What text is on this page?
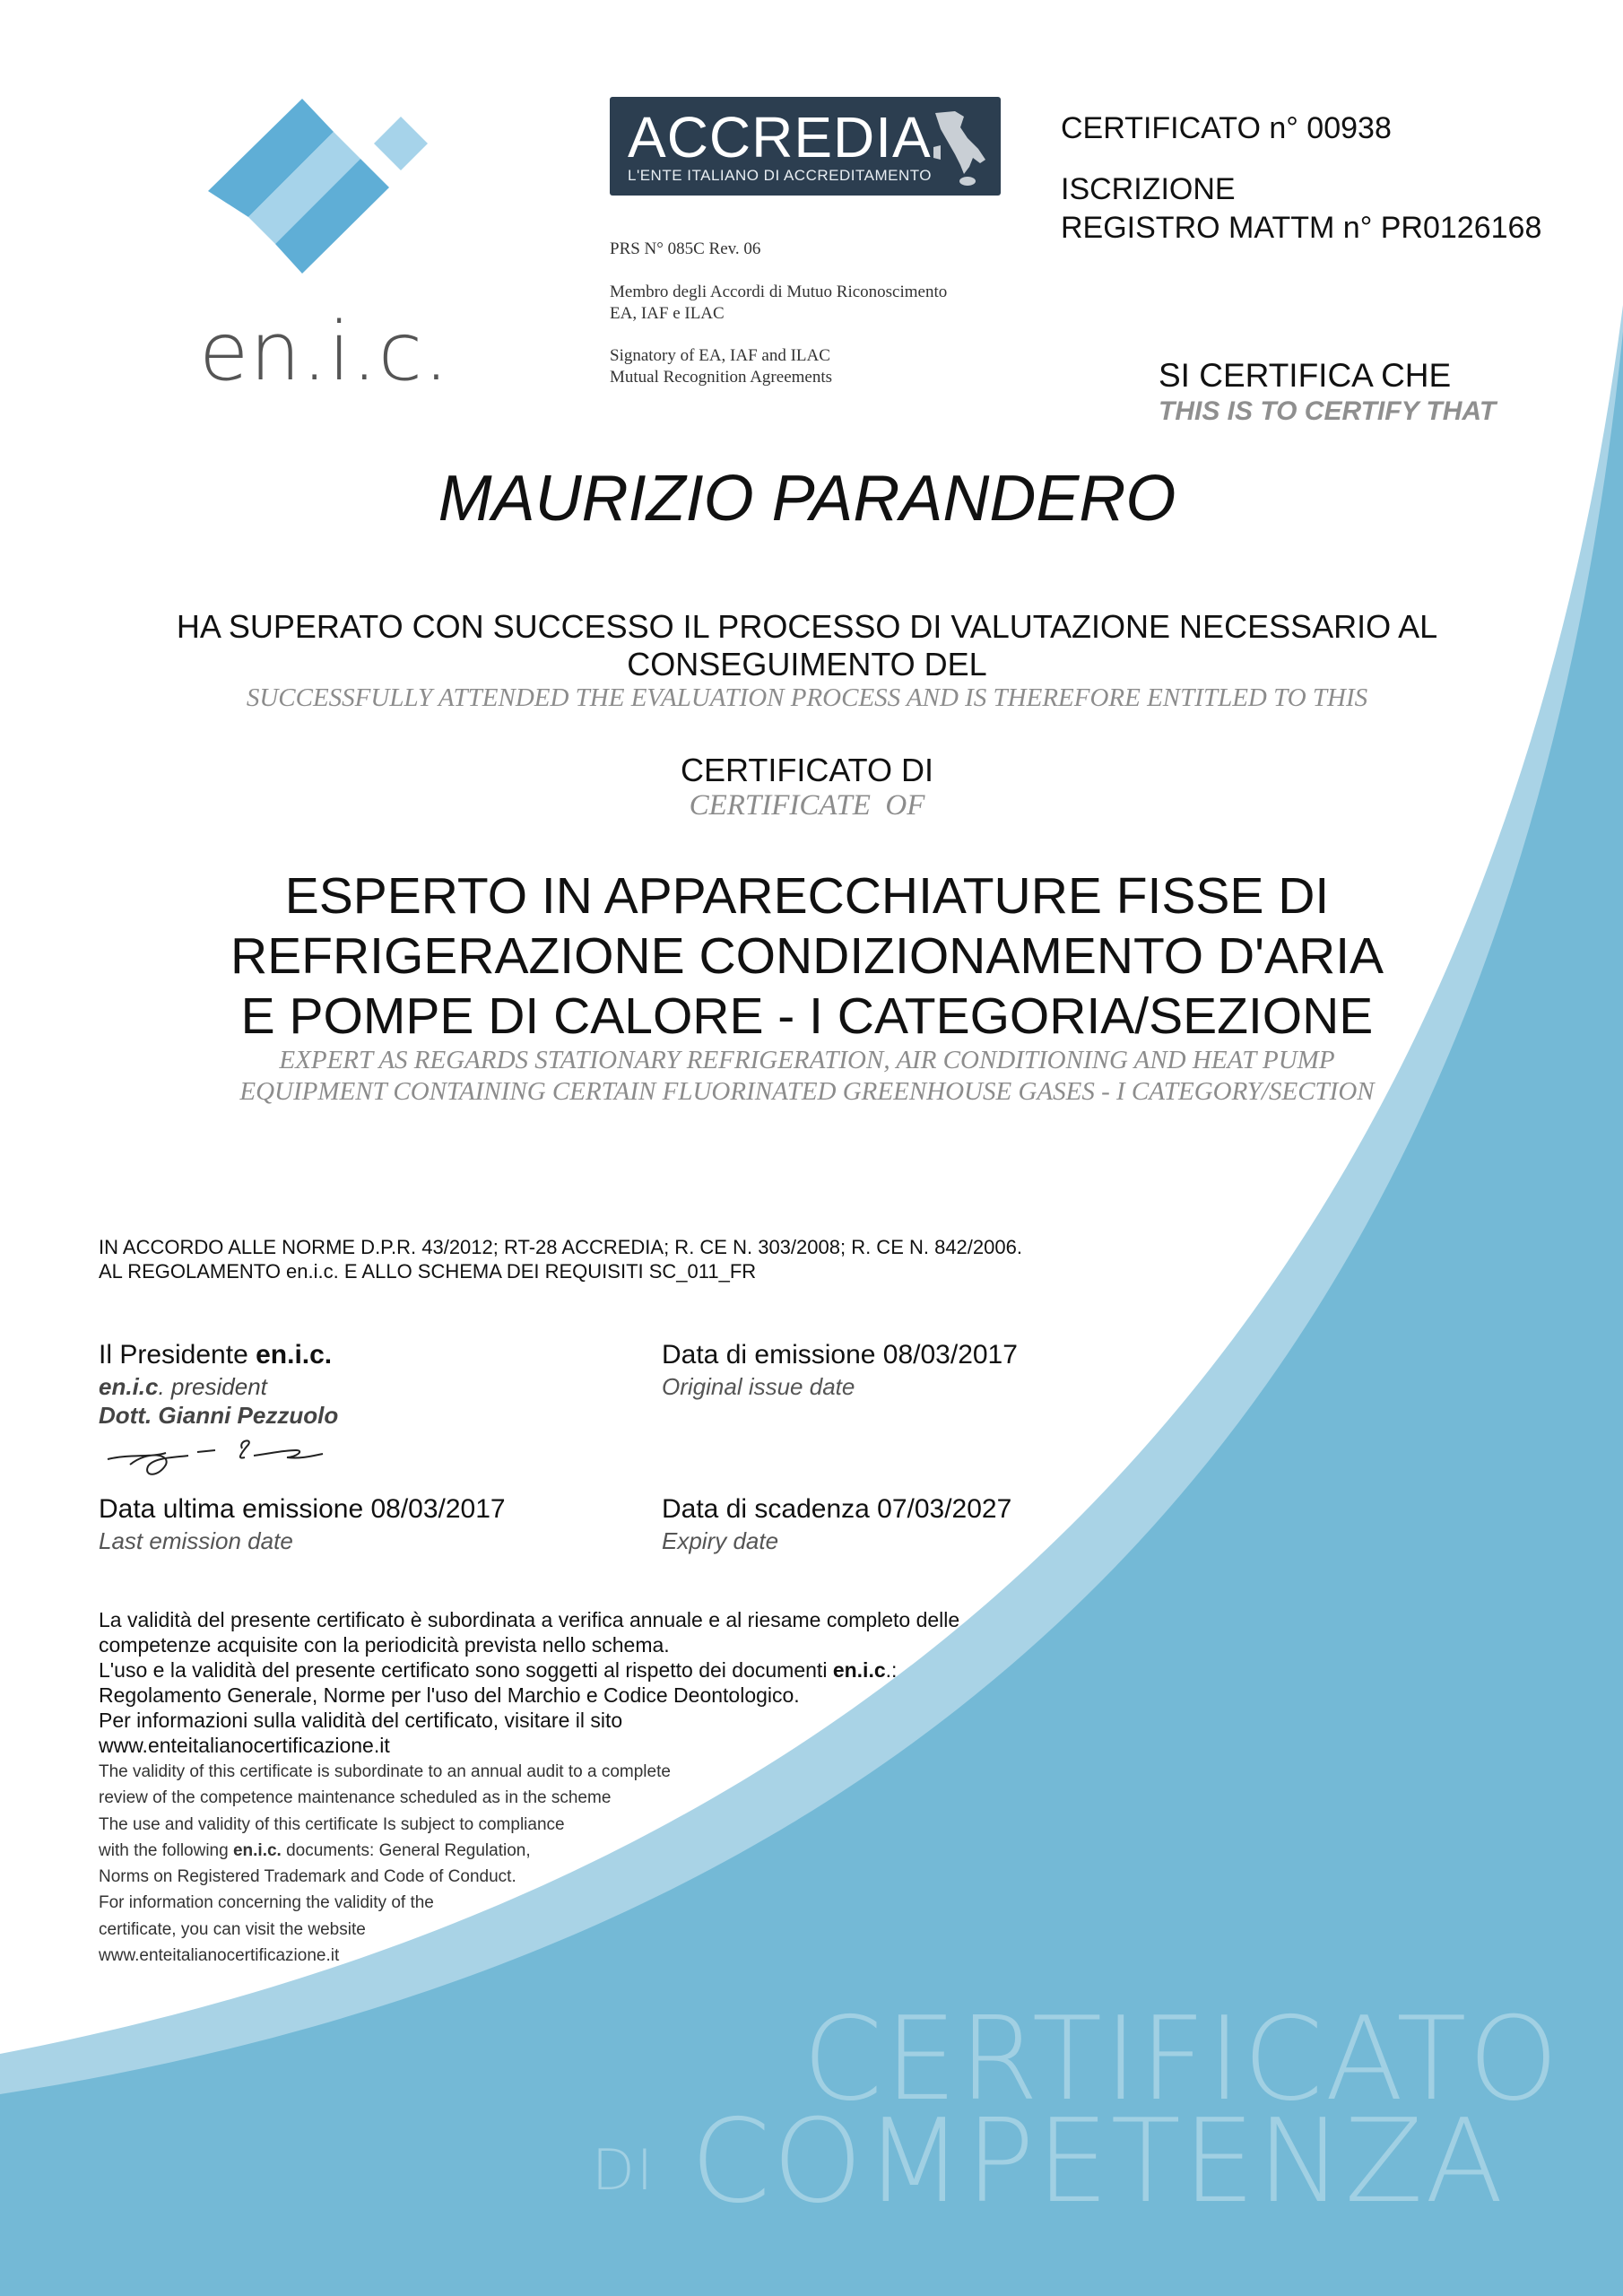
en.i.c.
ACCREDIA
L'ENTE ITALIANO DI ACCREDITAMENTO
PRS N° 085C Rev. 06
Membro degli Accordi di Mutuo Riconoscimento
EA, IAF e ILAC
Signatory of EA, IAF and ILAC
Mutual Recognition Agreements
CERTIFICATO n° 00938
ISCRIZIONE
REGISTRO MATTM n° PR0126168
SI CERTIFICA CHE
THIS IS TO CERTIFY THAT
MAURIZIO PARANDERO
HA SUPERATO CON SUCCESSO IL PROCESSO DI VALUTAZIONE NECESSARIO AL
CONSEGUIMENTO DEL
SUCCESSFULLY ATTENDED THE EVALUATION PROCESS AND IS THEREFORE ENTITLED TO THIS
CERTIFICATO DI
CERTIFICATE  OF
ESPERTO IN APPARECCHIATURE FISSE DI
REFRIGERAZIONE CONDIZIONAMENTO D'ARIA
E POMPE DI CALORE - I CATEGORIA/SEZIONE
EXPERT AS REGARDS STATIONARY REFRIGERATION, AIR CONDITIONING AND HEAT PUMP
EQUIPMENT CONTAINING CERTAIN FLUORINATED GREENHOUSE GASES - I CATEGORY/SECTION
IN ACCORDO ALLE NORME D.P.R. 43/2012; RT-28 ACCREDIA; R. CE N. 303/2008; R. CE N. 842/2006.
AL REGOLAMENTO en.i.c. E ALLO SCHEMA DEI REQUISITI SC_011_FR
Il Presidente en.i.c.
en.i.c. president
Dott. Gianni Pezzuolo
Data di emissione 08/03/2017
Original issue date
Data ultima emissione 08/03/2017
Last emission date
Data di scadenza 07/03/2027
Expiry date
La validità del presente certificato è subordinata a verifica annuale e al riesame completo delle
competenze acquisite con la periodicità prevista nello schema.
L'uso e la validità del presente certificato sono soggetti al rispetto dei documenti en.i.c.:
Regolamento Generale, Norme per l'uso del Marchio e Codice Deontologico.
Per informazioni sulla validità del certificato, visitare il sito
www.enteitalianocertificazione.it
The validity of this certificate is subordinate to an annual audit to a complete
review of the competence maintenance scheduled as in the scheme
The use and validity of this certificate Is subject to compliance
with the following en.i.c. documents: General Regulation,
Norms on Registered Trademark and Code of Conduct.
For information concerning the validity of the
certificate, you can visit the website
www.enteitalianocertificazione.it
CERTIFICATO
DI COMPETENZA
